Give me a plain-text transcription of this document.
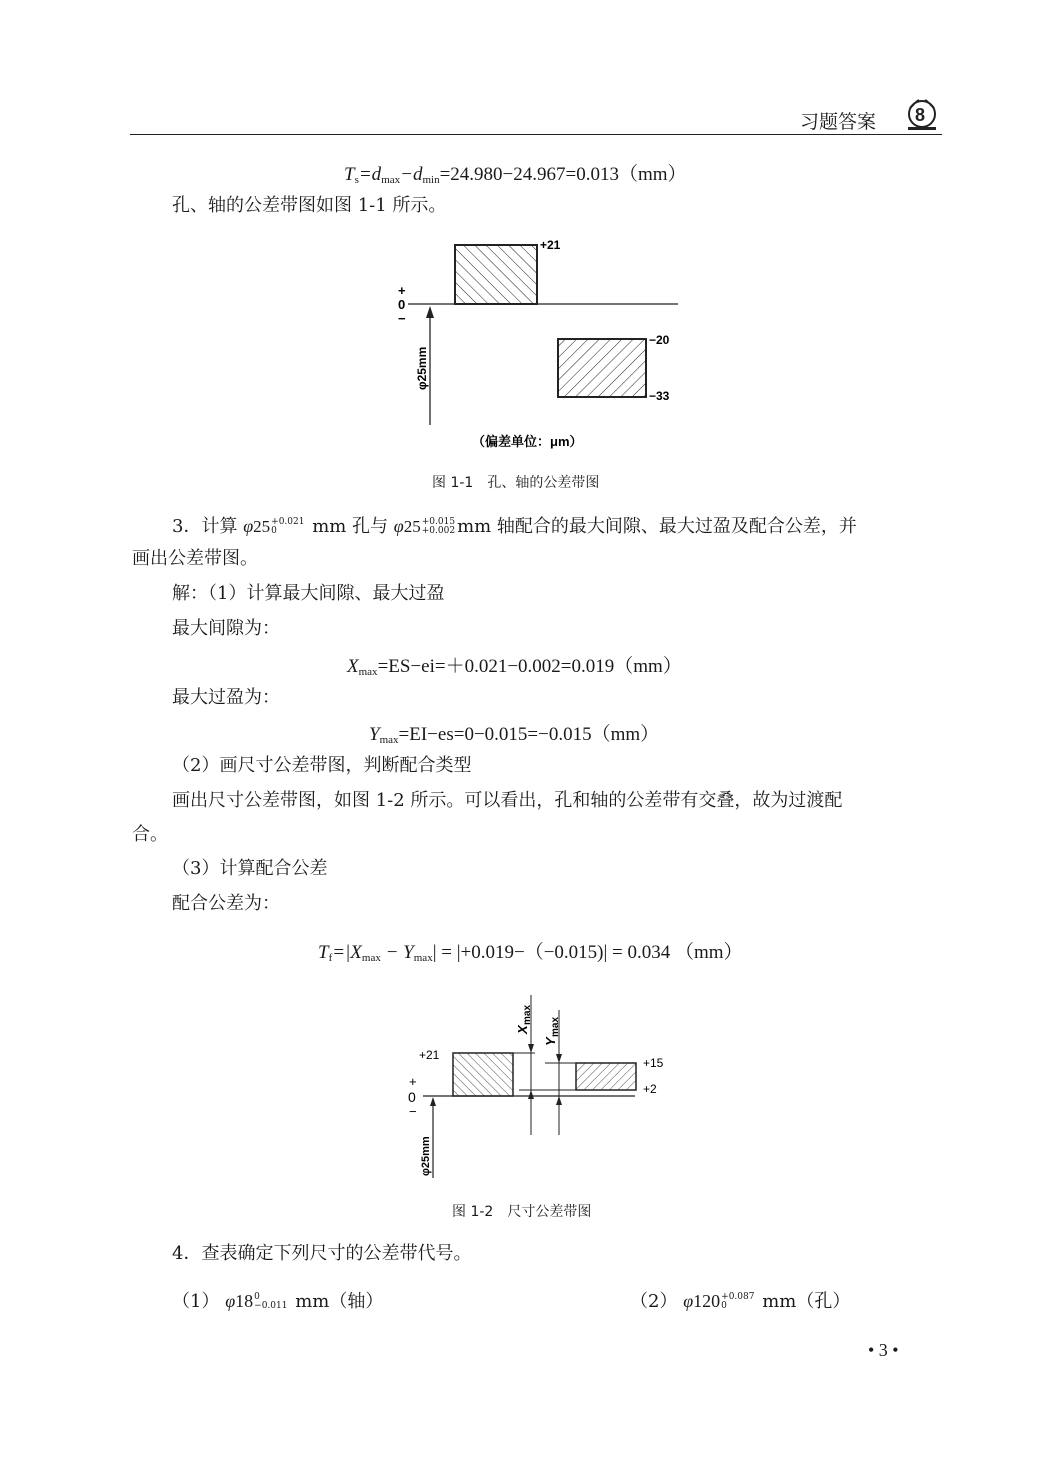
习题答案 8
$T_s=d_{max}-d_{min}=24.980-24.967=0.013(mm)$
孔、轴的公差带图如图 1-1 所示。
+
0
−
+21
−20
−33
φ25mm
（偏差单位：μm）
图 1-1　孔、轴的公差带图
3．计算 φ25 +0.021
0	mm 孔与 φ25 +0.015
+0.002 mm 轴配合的最大间隙、最大过盈及配合公差，并
画出公差带图。
解：（1）计算最大间隙、最大过盈
最大间隙为：
$X_{max}=ES-ei=+0.021-0.002=0.019(mm)$
最大过盈为：
$Y_{max}=EI-es=0-0.015=-0.015(mm)$
（2）画尺寸公差带图，判断配合类型
画出尺寸公差带图，如图 1-2 所示。可以看出，孔和轴的公差带有交叠，故为过渡配
合。
（3）计算配合公差
配合公差为：
$T_f=|X_{max} - Y_{max}| = |+0.019-(-0.015)| = 0.034$ （mm）
+
0
−
+21
+15
+2
X
max
Y
max
φ25mm
图 1-2　尺寸公差带图
4．查表确定下列尺寸的公差带代号。
（1） φ18 0
−0.011 mm（轴）	（2） φ120 +0.087
0	mm（孔）
• 3 •
